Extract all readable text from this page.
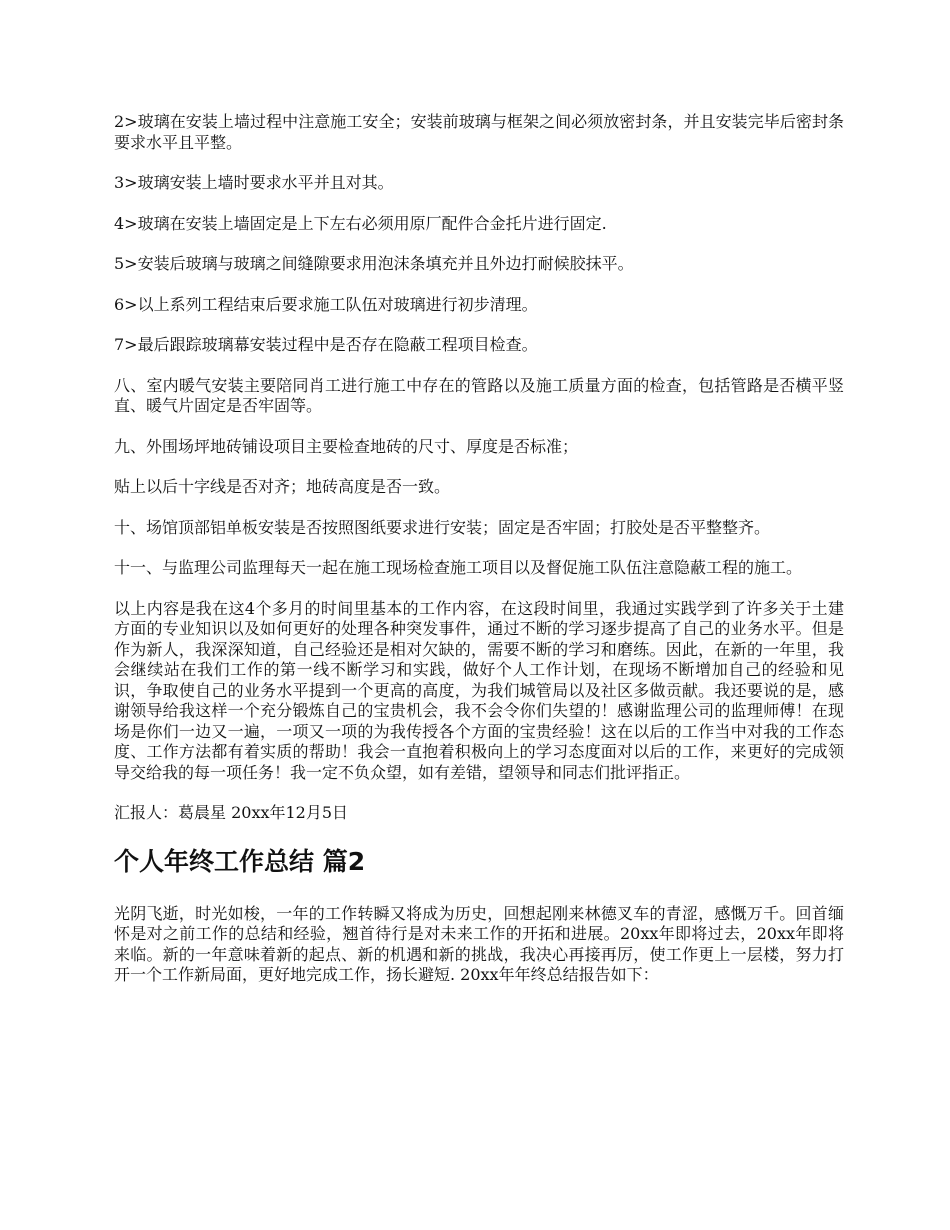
2>玻璃在安装上墙过程中注意施工安全；安装前玻璃与框架之间必须放密封条，并且安装完毕后密封条要求水平且平整。

3>玻璃安装上墙时要求水平并且对其。

4>玻璃在安装上墙固定是上下左右必须用原厂配件合金托片进行固定.

5>安装后玻璃与玻璃之间缝隙要求用泡沫条填充并且外边打耐候胶抹平。

6>以上系列工程结束后要求施工队伍对玻璃进行初步清理。

7>最后跟踪玻璃幕安装过程中是否存在隐蔽工程项目检查。

八、室内暖气安装主要陪同肖工进行施工中存在的管路以及施工质量方面的检查，包括管路是否横平竖直、暖气片固定是否牢固等。

九、外围场坪地砖铺设项目主要检查地砖的尺寸、厚度是否标准；

贴上以后十字线是否对齐；地砖高度是否一致。

十、场馆顶部铝单板安装是否按照图纸要求进行安装；固定是否牢固；打胶处是否平整整齐。

十一、与监理公司监理每天一起在施工现场检查施工项目以及督促施工队伍注意隐蔽工程的施工。

以上内容是我在这4个多月的时间里基本的工作内容，在这段时间里，我通过实践学到了许多关于土建方面的专业知识以及如何更好的处理各种突发事件，通过不断的学习逐步提高了自己的业务水平。但是作为新人，我深深知道，自己经验还是相对欠缺的，需要不断的学习和磨练。因此，在新的一年里，我会继续站在我们工作的第一线不断学习和实践，做好个人工作计划，在现场不断增加自己的经验和见识，争取使自己的业务水平提到一个更高的高度，为我们城管局以及社区多做贡献。我还要说的是，感谢领导给我这样一个充分锻炼自己的宝贵机会，我不会令你们失望的！感谢监理公司的监理师傅！在现场是你们一边又一遍，一项又一项的为我传授各个方面的宝贵经验！这在以后的工作当中对我的工作态度、工作方法都有着实质的帮助！我会一直抱着积极向上的学习态度面对以后的工作，来更好的完成领导交给我的每一项任务！我一定不负众望，如有差错，望领导和同志们批评指正。

汇报人：葛晨星 20xx年12月5日

个人年终工作总结 篇2

光阴飞逝，时光如梭，一年的工作转瞬又将成为历史，回想起刚来林德叉车的青涩，感慨万千。回首缅怀是对之前工作的总结和经验，翘首待行是对未来工作的开拓和进展。20xx年即将过去，20xx年即将来临。新的一年意味着新的起点、新的机遇和新的挑战，我决心再接再厉，使工作更上一层楼，努力打开一个工作新局面，更好地完成工作，扬长避短. 20xx年年终总结报告如下：
